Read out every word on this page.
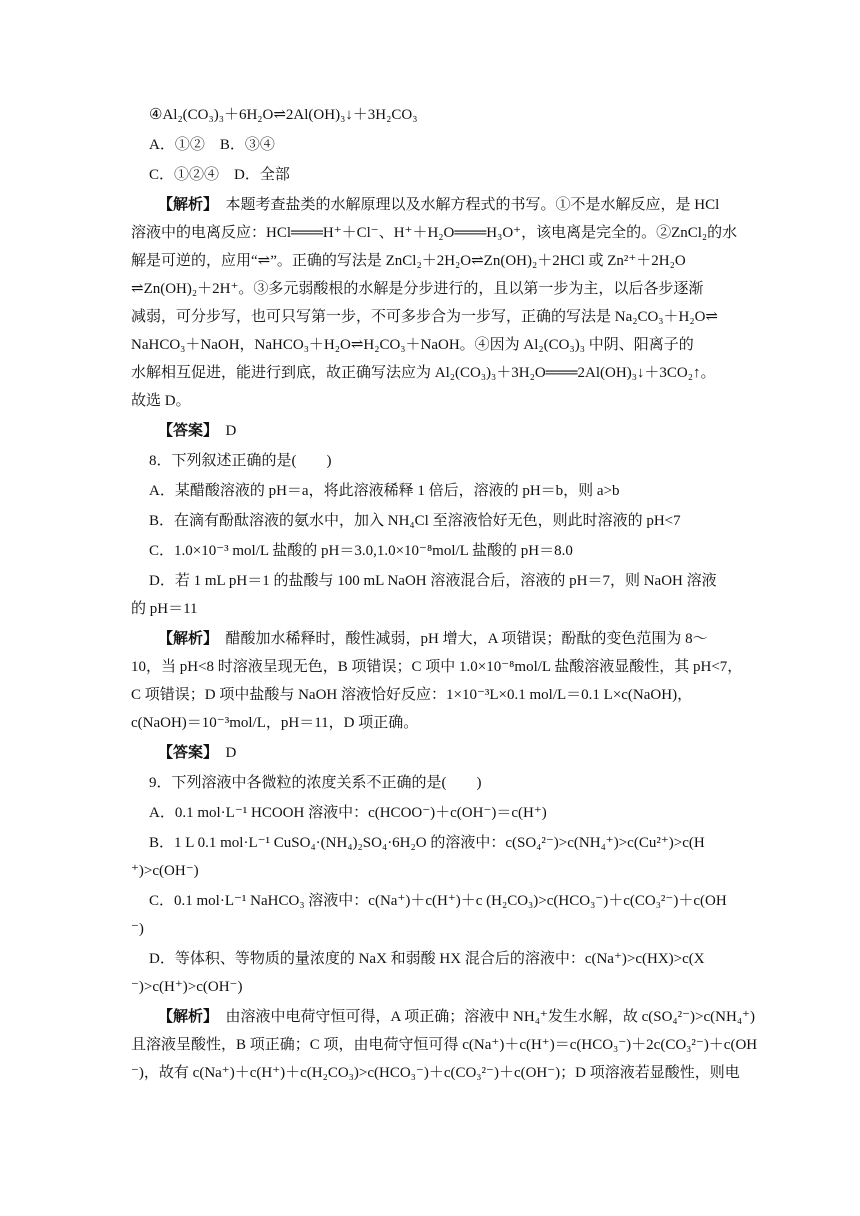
④Al₂(CO₃)₃＋6H₂O⇌2Al(OH)₃↓＋3H₂CO₃
A．①②　B．③④
C．①②④　D．全部
【解析】　本题考查盐类的水解原理以及水解方程式的书写。①不是水解反应，是 HCl
溶液中的电离反应：HCl═══H⁺＋Cl⁻、H⁺＋H₂O═══H₃O⁺，该电离是完全的。②ZnCl₂的水
解是可逆的，应用“⇌”。正确的写法是 ZnCl₂＋2H₂O⇌Zn(OH)₂＋2HCl 或 Zn²⁺＋2H₂O
⇌Zn(OH)₂＋2H⁺。③多元弱酸根的水解是分步进行的，且以第一步为主，以后各步逐渐
减弱，可分步写，也可只写第一步，不可多步合为一步写，正确的写法是 Na₂CO₃＋H₂O⇌
NaHCO₃＋NaOH，NaHCO₃＋H₂O⇌H₂CO₃＋NaOH。④因为 Al₂(CO₃)₃ 中阴、阳离子的
水解相互促进，能进行到底，故正确写法应为 Al₂(CO₃)₃＋3H₂O═══2Al(OH)₃↓＋3CO₂↑。
故选 D。
【答案】　D
8．下列叙述正确的是(　　)
A．某醋酸溶液的 pH＝a，将此溶液稀释 1 倍后，溶液的 pH＝b，则 a>b
B．在滴有酚酞溶液的氨水中，加入 NH₄Cl 至溶液恰好无色，则此时溶液的 pH<7
C．1.0×10⁻³ mol/L 盐酸的 pH＝3.0,1.0×10⁻⁸mol/L 盐酸的 pH＝8.0
D．若 1 mL pH＝1 的盐酸与 100 mL NaOH 溶液混合后，溶液的 pH＝7，则 NaOH 溶液
的 pH＝11
【解析】　醋酸加水稀释时，酸性减弱，pH 增大，A 项错误；酚酞的变色范围为 8～
10，当 pH<8 时溶液呈现无色，B 项错误；C 项中 1.0×10⁻⁸mol/L 盐酸溶液显酸性，其 pH<7，
C 项错误；D 项中盐酸与 NaOH 溶液恰好反应：1×10⁻³L×0.1 mol/L＝0.1 L×c(NaOH)，
c(NaOH)＝10⁻³mol/L，pH＝11，D 项正确。
【答案】　D
9．下列溶液中各微粒的浓度关系不正确的是(　　)
A．0.1 mol·L⁻¹ HCOOH 溶液中：c(HCOO⁻)＋c(OH⁻)＝c(H⁺)
B．1 L 0.1 mol·L⁻¹ CuSO₄·(NH₄)₂SO₄·6H₂O 的溶液中：c(SO₄²⁻)>c(NH₄⁺)>c(Cu²⁺)>c(H
⁺)>c(OH⁻)
C．0.1 mol·L⁻¹ NaHCO₃ 溶液中：c(Na⁺)＋c(H⁺)＋c (H₂CO₃)>c(HCO₃⁻)＋c(CO₃²⁻)＋c(OH
⁻)
D．等体积、等物质的量浓度的 NaX 和弱酸 HX 混合后的溶液中：c(Na⁺)>c(HX)>c(X
⁻)>c(H⁺)>c(OH⁻)
【解析】　由溶液中电荷守恒可得，A 项正确；溶液中 NH₄⁺发生水解，故 c(SO₄²⁻)>c(NH₄⁺)
且溶液呈酸性，B 项正确；C 项，由电荷守恒可得 c(Na⁺)＋c(H⁺)＝c(HCO₃⁻)＋2c(CO₃²⁻)＋c(OH
⁻)，故有 c(Na⁺)＋c(H⁺)＋c(H₂CO₃)>c(HCO₃⁻)＋c(CO₃²⁻)＋c(OH⁻)；D 项溶液若显酸性，则电
